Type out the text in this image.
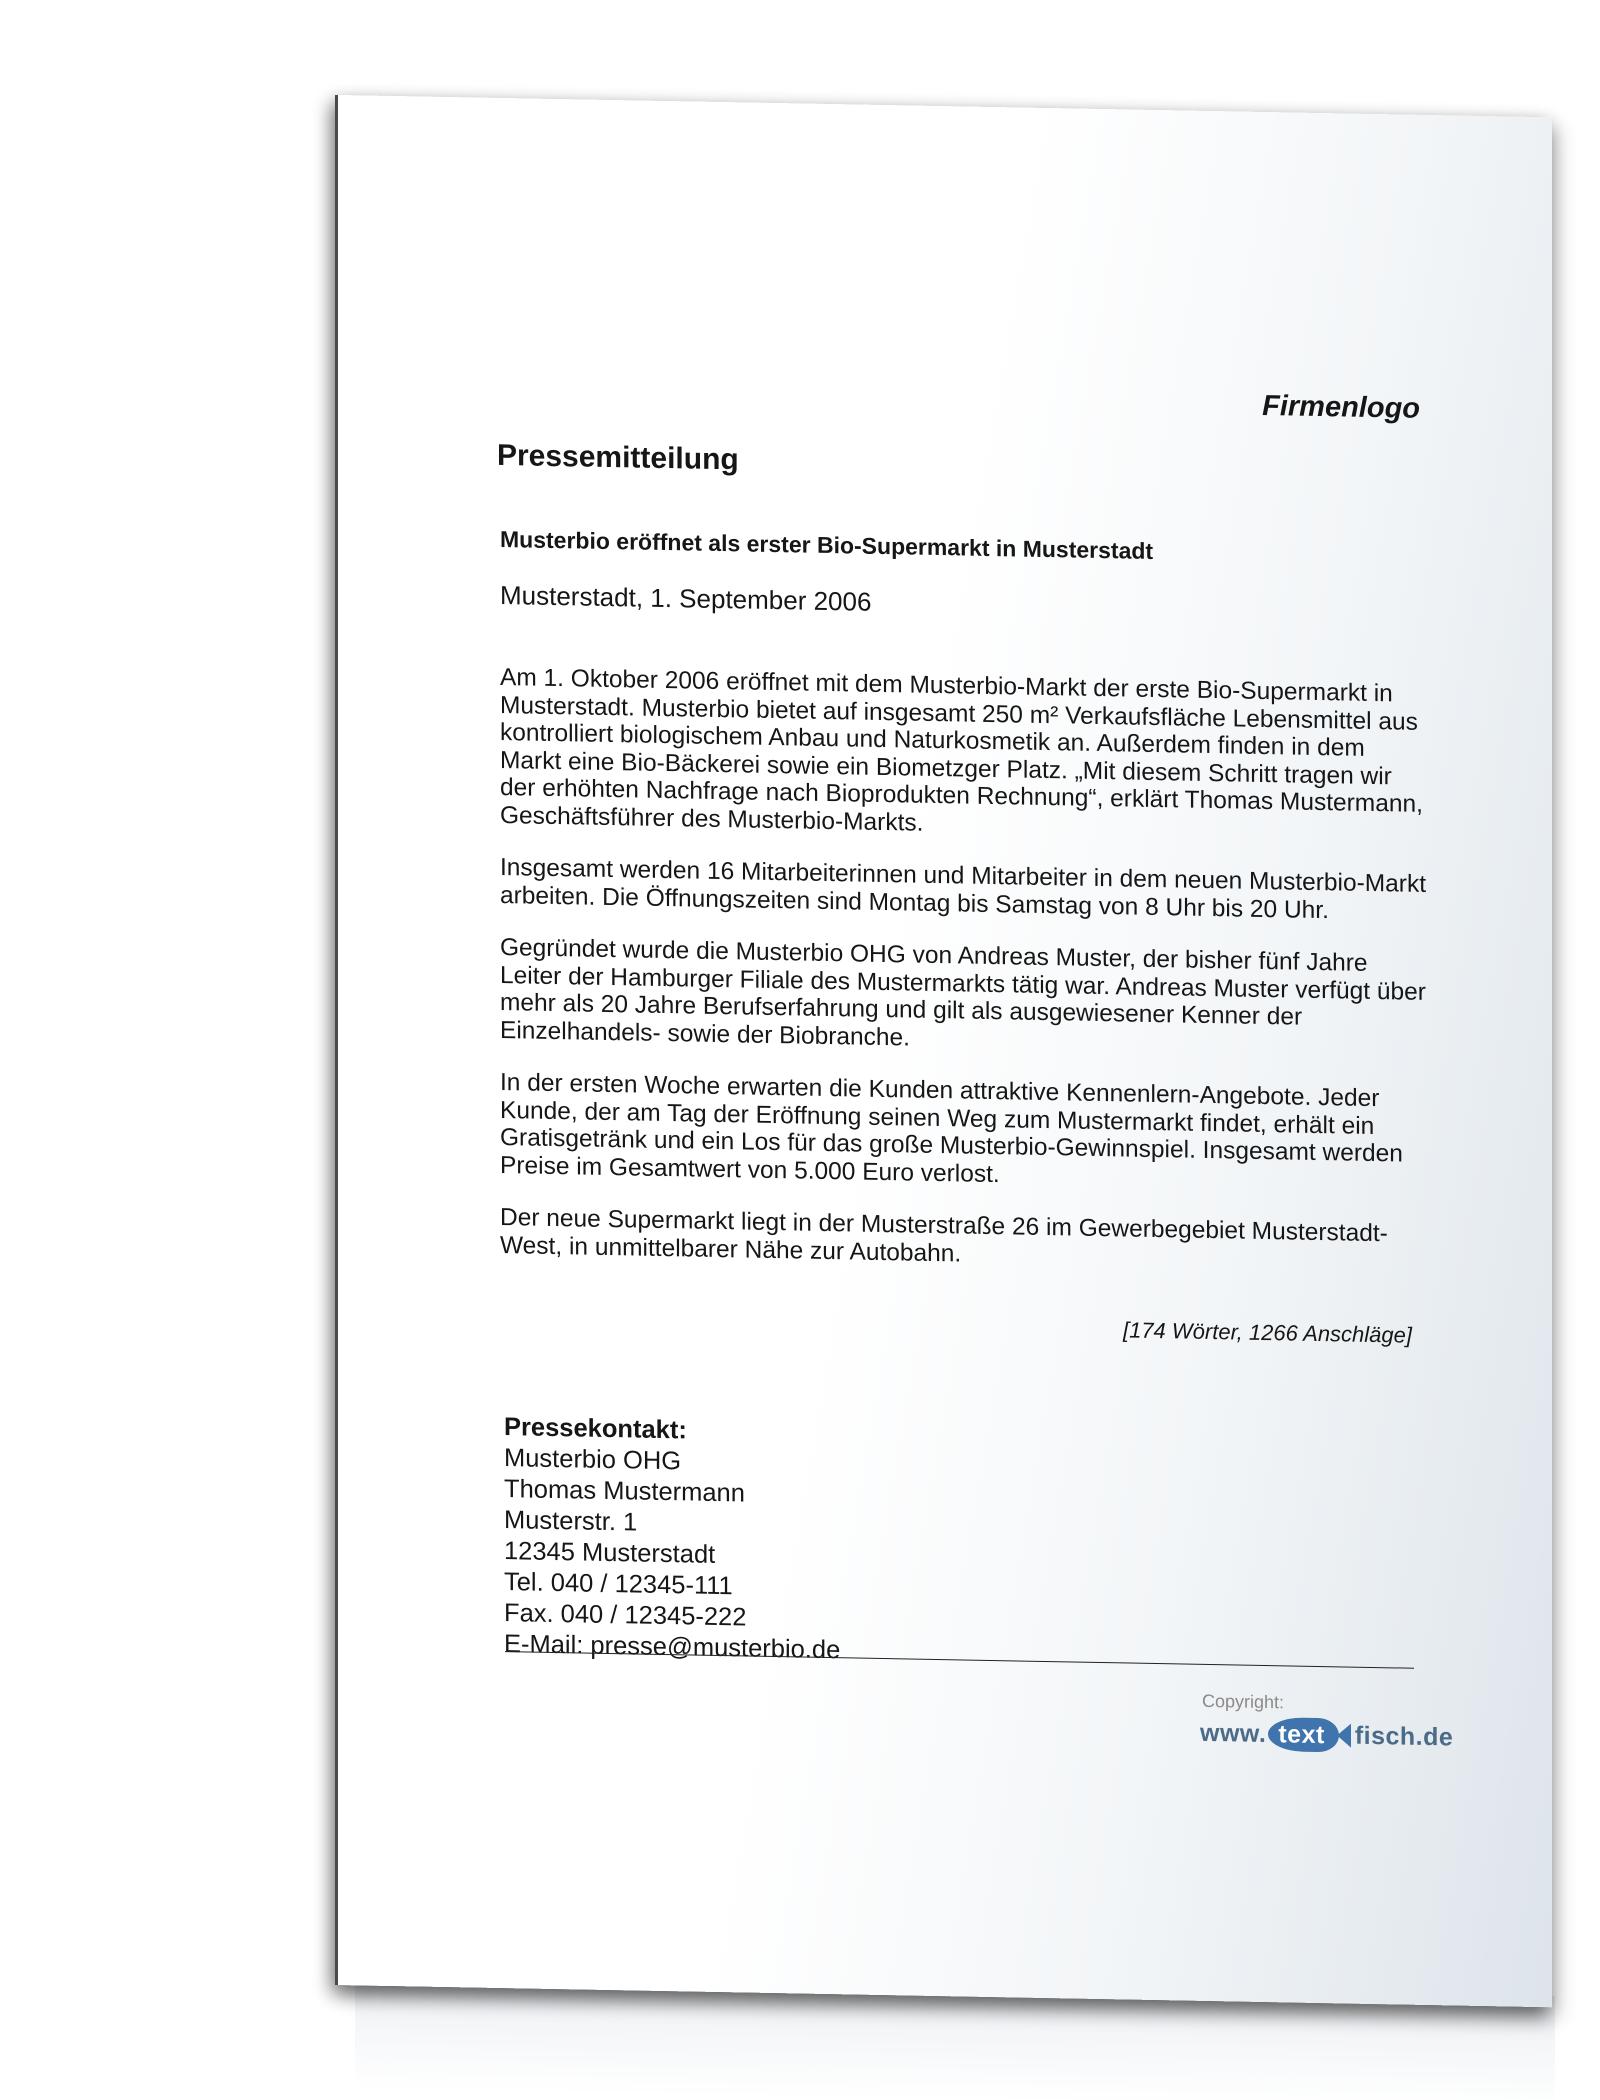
Firmenlogo
Pressemitteilung
Musterbio eröffnet als erster Bio-Supermarkt in Musterstadt
Musterstadt, 1. September 2006

Am 1. Oktober 2006 eröffnet mit dem Musterbio-Markt der erste Bio-Supermarkt in Musterstadt. Musterbio bietet auf insgesamt 250 m² Verkaufsfläche Lebensmittel aus kontrolliert biologischem Anbau und Naturkosmetik an. Außerdem finden in dem Markt eine Bio-Bäckerei sowie ein Biometzger Platz. „Mit diesem Schritt tragen wir der erhöhten Nachfrage nach Bioprodukten Rechnung“, erklärt Thomas Mustermann, Geschäftsführer des Musterbio-Markts.

Insgesamt werden 16 Mitarbeiterinnen und Mitarbeiter in dem neuen Musterbio-Markt arbeiten. Die Öffnungszeiten sind Montag bis Samstag von 8 Uhr bis 20 Uhr.

Gegründet wurde die Musterbio OHG von Andreas Muster, der bisher fünf Jahre Leiter der Hamburger Filiale des Mustermarkts tätig war. Andreas Muster verfügt über mehr als 20 Jahre Berufserfahrung und gilt als ausgewiesener Kenner der Einzelhandels- sowie der Biobranche.

In der ersten Woche erwarten die Kunden attraktive Kennenlern-Angebote. Jeder Kunde, der am Tag der Eröffnung seinen Weg zum Mustermarkt findet, erhält ein Gratisgetränk und ein Los für das große Musterbio-Gewinnspiel. Insgesamt werden Preise im Gesamtwert von 5.000 Euro verlost.

Der neue Supermarkt liegt in der Musterstraße 26 im Gewerbegebiet Musterstadt-West, in unmittelbarer Nähe zur Autobahn.

[174 Wörter, 1266 Anschläge]
Pressekontakt:
Musterbio OHG
Thomas Mustermann
Musterstr. 1
12345 Musterstadt
Tel. 040 / 12345-111
Fax. 040 / 12345-222
E-Mail: presse@musterbio.de
Copyright:
www. text fisch.de
